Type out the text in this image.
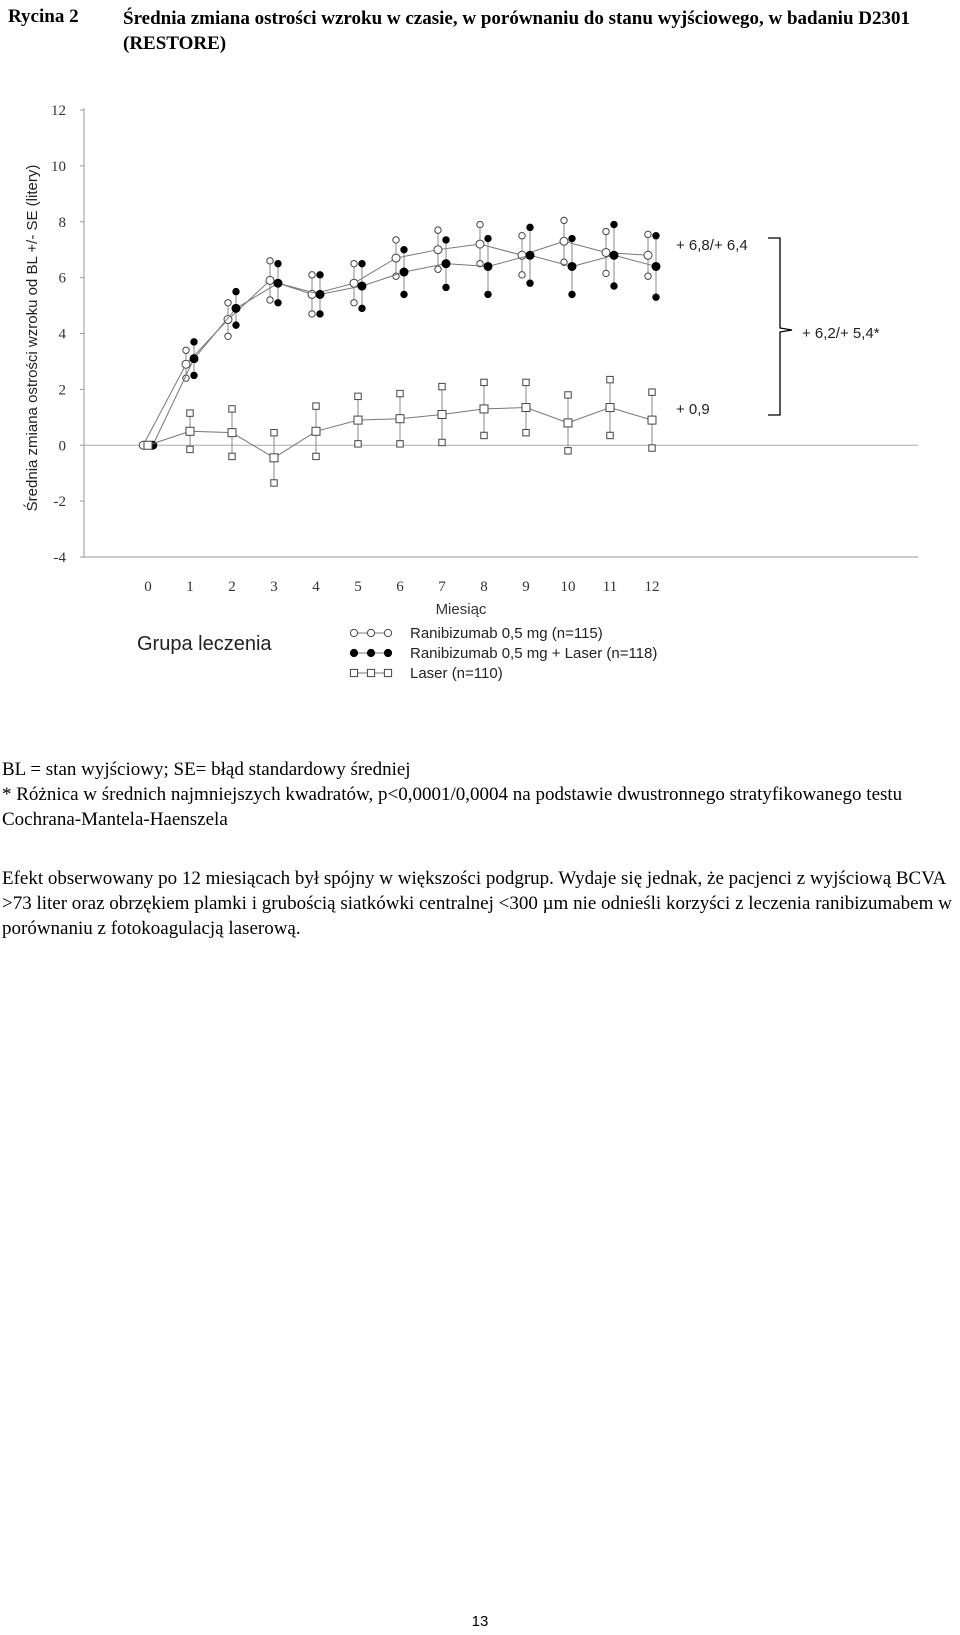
Rycina 2 Średnia zmiana ostrości wzroku w czasie, w porównaniu do stanu wyjściowego, w badaniu D2301 (RESTORE)
-4
-2
0
2
4
6
8
10
12
0 1 2 3 4 5 6 7 8 9 10 11 12
Miesiąc
Średnia zmiana ostrości wzroku od BL +/- SE (litery)	+ 6,8/+ 6,4
+ 0,9
+ 6,2/+ 5,4*
Grupa leczenia	Ranibizumab 0,5 mg (n=115)
Ranibizumab 0,5 mg + Laser (n=118)
Laser (n=110)

BL = stan wyjściowy; SE= błąd standardowy średniej

* Różnica w średnich najmniejszych kwadratów, p<0,0001/0,0004 na podstawie dwustronnego stratyfikowanego testu Cochrana-Mantela-Haenszela

Efekt obserwowany po 12 miesiącach był spójny w większości podgrup. Wydaje się jednak, że pacjenci z wyjściową BCVA >73 liter oraz obrzękiem plamki i grubością siatkówki centralnej <300 µm nie odnieśli korzyści z leczenia ranibizumabem w porównaniu z fotokoagulacją laserową.
13
